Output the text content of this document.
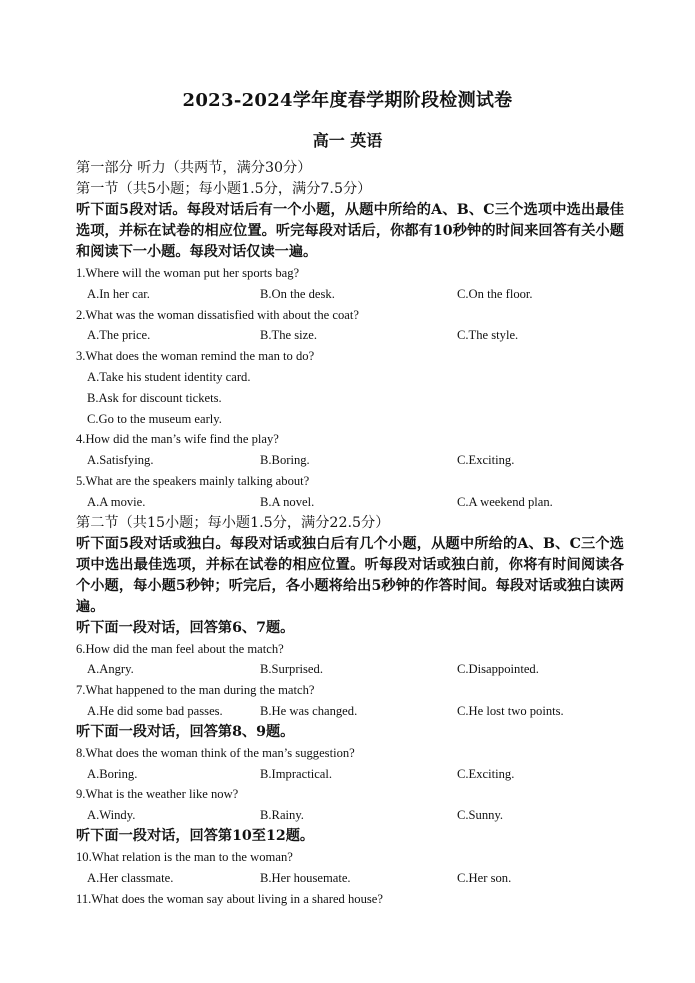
2023-2024学年度春学期阶段检测试卷
高一 英语
第一部分 听力（共两节，满分30分）
第一节（共5小题；每小题1.5分，满分7.5分）

听下面5段对话。每段对话后有一个小题，从题中所给的A、B、C三个选项中选出最佳选项，并标在试卷的相应位置。听完每段对话后，你都有10秒钟的时间来回答有关小题和阅读下一小题。每段对话仅读一遍。

1.Where will the woman put her sports bag?
A.In her car.	B.On the desk.	C.On the floor.
2.What was the woman dissatisfied with about the coat?
A.The price.	B.The size.	C.The style.
3.What does the woman remind the man to do?
A.Take his student identity card.
B.Ask for discount tickets.
C.Go to the museum early.
4.How did the man’s wife find the play?
A.Satisfying.	B.Boring.	C.Exciting.
5.What are the speakers mainly talking about?
A.A movie.	B.A novel.	C.A weekend plan.
第二节（共15小题；每小题1.5分，满分22.5分）

听下面5段对话或独白。每段对话或独白后有几个小题，从题中所给的A、B、C三个选项中选出最佳选项，并标在试卷的相应位置。听每段对话或独白前，你将有时间阅读各个小题，每小题5秒钟；听完后，各小题将给出5秒钟的作答时间。每段对话或独白读两遍。

听下面一段对话，回答第6、7题。
6.How did the man feel about the match?
A.Angry.	B.Surprised.	C.Disappointed.
7.What happened to the man during the match?
A.He did some bad passes.	B.He was changed.	C.He lost two points.
听下面一段对话，回答第8、9题。
8.What does the woman think of the man’s suggestion?
A.Boring.	B.Impractical.	C.Exciting.
9.What is the weather like now?
A.Windy.	B.Rainy.	C.Sunny.
听下面一段对话，回答第10至12题。
10.What relation is the man to the woman?
A.Her classmate.	B.Her housemate.	C.Her son.
11.What does the woman say about living in a shared house?
